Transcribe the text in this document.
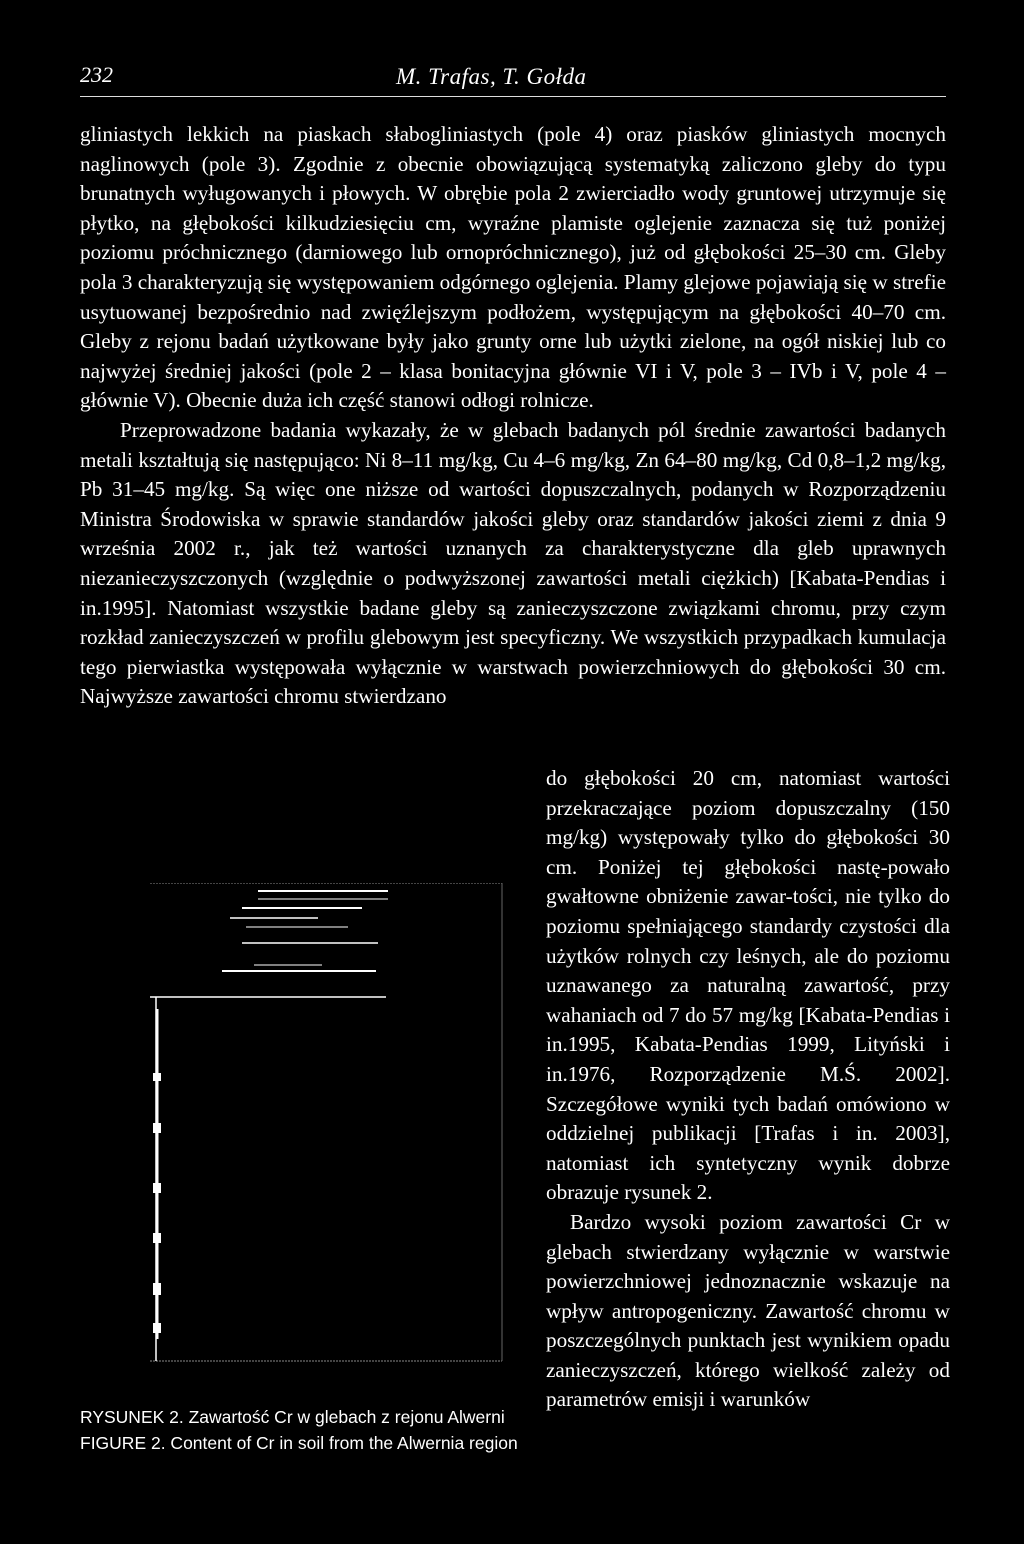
232	M. Trafas, T. Gołda

gliniastych lekkich na piaskach słabogliniastych (pole 4) oraz piasków gliniastych mocnych naglinowych (pole 3). Zgodnie z obecnie obowiązującą systematyką zaliczono gleby do typu brunatnych wyługowanych i płowych. W obrębie pola 2 zwierciadło wody gruntowej utrzymuje się płytko, na głębokości kilkudziesięciu cm, wyraźne plamiste oglejenie zaznacza się tuż poniżej poziomu próchnicznego (darniowego lub ornopróchnicznego), już od głębokości 25–30 cm. Gleby pola 3 charakteryzują się występowaniem odgórnego oglejenia. Plamy glejowe pojawiają się w strefie usytuowanej bezpośrednio nad zwięźlejszym podłożem, występującym na głębokości 40–70 cm. Gleby z rejonu badań użytkowane były jako grunty orne lub użytki zielone, na ogół niskiej lub co najwyżej średniej jakości (pole 2 – klasa bonitacyjna głównie VI i V, pole 3 – IVb i V, pole 4 – głównie V). Obecnie duża ich część stanowi odłogi rolnicze.

Przeprowadzone badania wykazały, że w glebach badanych pól średnie zawartości badanych metali kształtują się następująco: Ni 8–11 mg/kg, Cu 4–6 mg/kg, Zn 64–80 mg/kg, Cd 0,8–1,2 mg/kg, Pb 31–45 mg/kg. Są więc one niższe od wartości dopuszczalnych, podanych w Rozporządzeniu Ministra Środowiska w sprawie standardów jakości gleby oraz standardów jakości ziemi z dnia 9 września 2002 r., jak też wartości uznanych za charakterystyczne dla gleb uprawnych niezanieczyszczonych (względnie o podwyższonej zawartości metali ciężkich) [Kabata-Pendias i in.1995]. Natomiast wszystkie badane gleby są zanieczyszczone związkami chromu, przy czym rozkład zanieczyszczeń w profilu glebowym jest specyficzny. We wszystkich przypadkach kumulacja tego pierwiastka występowała wyłącznie w warstwach powierzchniowych do głębokości 30 cm. Najwyższe zawartości chromu stwierdzano

do głębokości 20 cm, natomiast wartości przekraczające poziom dopuszczalny (150 mg/kg) występowały tylko do głębokości 30 cm. Poniżej tej głębokości nastę-powało gwałtowne obniżenie zawar-tości, nie tylko do poziomu spełniającego standardy czystości dla użytków rolnych czy leśnych, ale do poziomu uznawanego za naturalną zawartość, przy wahaniach od 7 do 57 mg/kg [Kabata-Pendias i in.1995, Kabata-Pendias 1999, Lityński i in.1976, Rozporządzenie M.Ś. 2002]. Szczegółowe wyniki tych badań omówiono w oddzielnej publikacji [Trafas i in. 2003], natomiast ich syntetyczny wynik dobrze obrazuje rysunek 2.

Bardzo wysoki poziom zawartości Cr w glebach stwierdzany wyłącznie w warstwie powierzchniowej jednoznacznie wskazuje na wpływ antropogeniczny. Zawartość chromu w poszczególnych punktach jest wynikiem opadu zanieczyszczeń, którego wielkość zależy od parametrów emisji i warunków

RYSUNEK 2. Zawartość Cr w glebach z rejonu Alwerni

FIGURE 2. Content of Cr in soil from the Alwernia region
